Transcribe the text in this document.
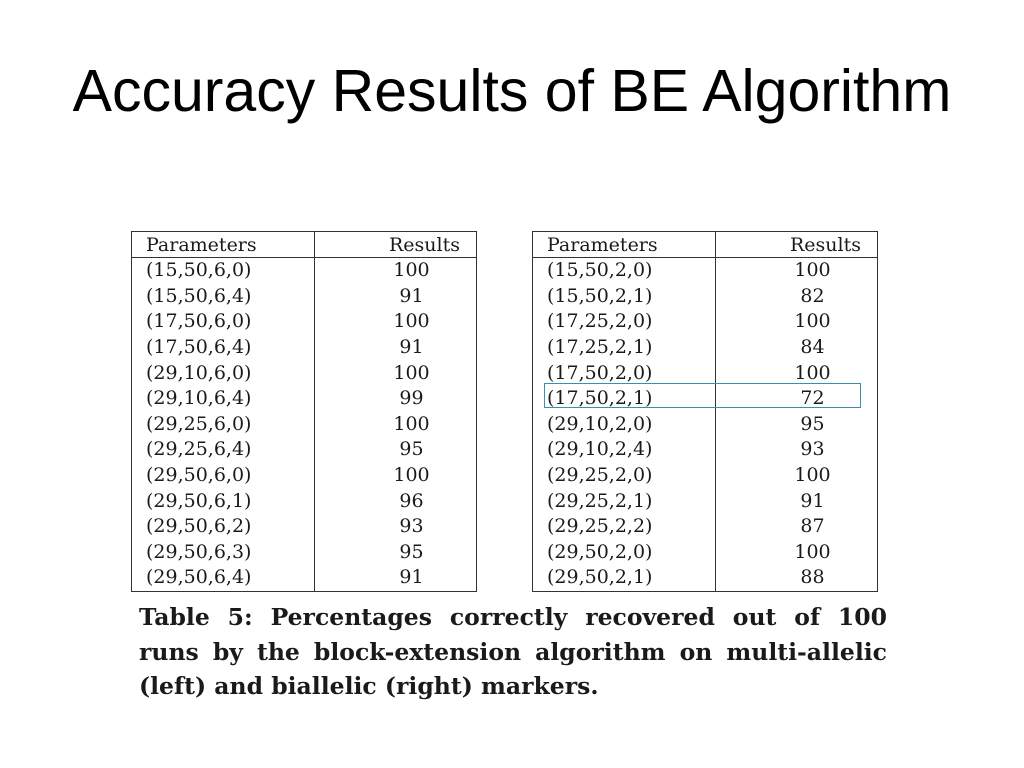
Accuracy Results of BE Algorithm
Parameters	Results
(15,50,6,0)	100
(15,50,6,4)	91
(17,50,6,0)	100
(17,50,6,4)	91
(29,10,6,0)	100
(29,10,6,4)	99
(29,25,6,0)	100
(29,25,6,4)	95
(29,50,6,0)	100
(29,50,6,1)	96
(29,50,6,2)	93
(29,50,6,3)	95
(29,50,6,4)	91
Parameters	Results
(15,50,2,0)	100
(15,50,2,1)	82
(17,25,2,0)	100
(17,25,2,1)	84
(17,50,2,0)	100
(17,50,2,1)	72
(29,10,2,0)	95
(29,10,2,4)	93
(29,25,2,0)	100
(29,25,2,1)	91
(29,25,2,2)	87
(29,50,2,0)	100
(29,50,2,1)	88
Table 5: Percentages correctly recovered out of 100 runs by the block-extension algorithm on multi-allelic (left) and biallelic (right) markers.
